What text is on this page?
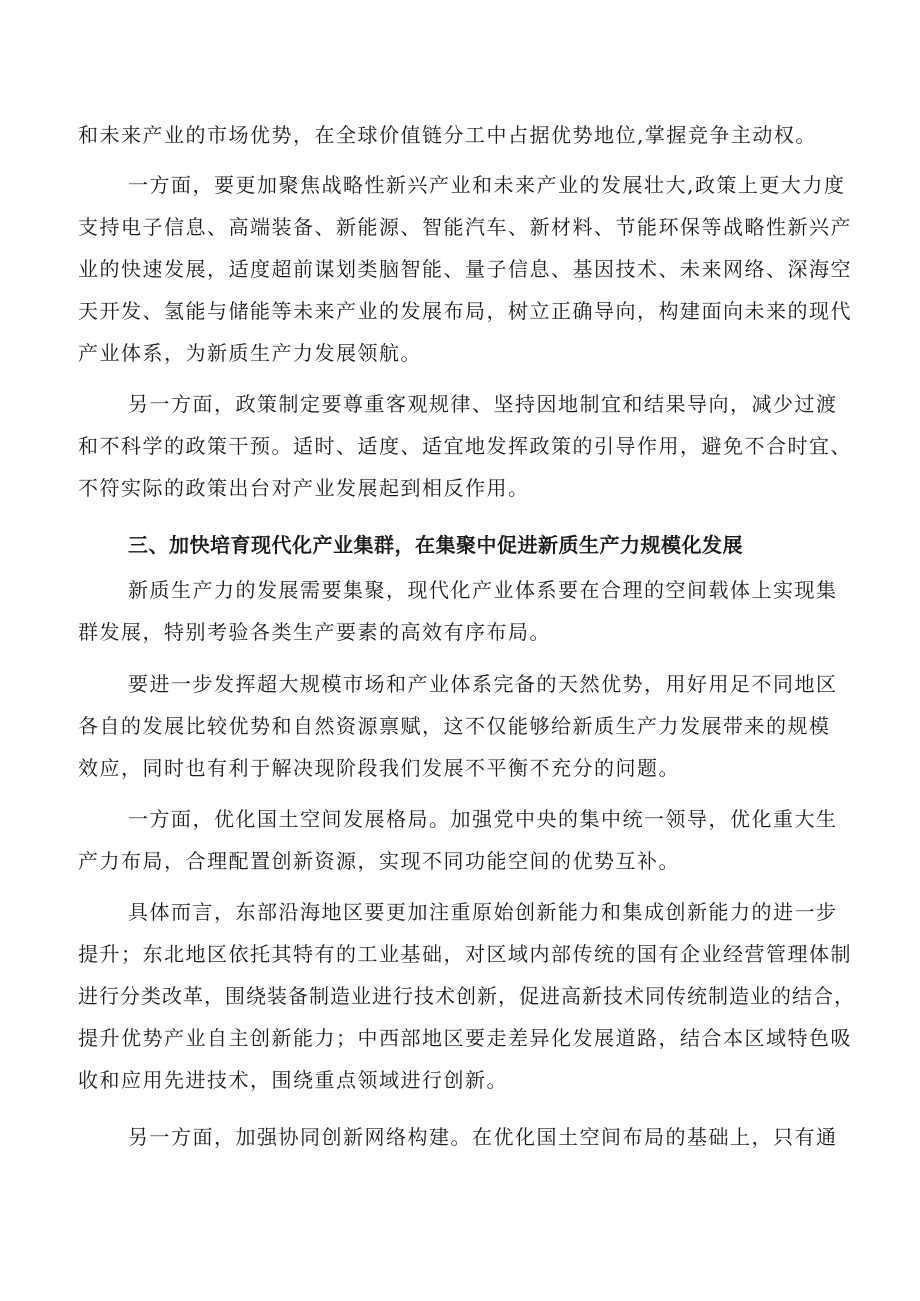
和未来产业的市场优势，在全球价值链分工中占据优势地位,掌握竞争主动权。
一方面，要更加聚焦战略性新兴产业和未来产业的发展壮大,政策上更大力度
支持电子信息、高端装备、新能源、智能汽车、新材料、节能环保等战略性新兴产
业的快速发展，适度超前谋划类脑智能、量子信息、基因技术、未来网络、深海空
天开发、氢能与储能等未来产业的发展布局，树立正确导向，构建面向未来的现代
产业体系，为新质生产力发展领航。
另一方面，政策制定要尊重客观规律、坚持因地制宜和结果导向，减少过渡
和不科学的政策干预。适时、适度、适宜地发挥政策的引导作用，避免不合时宜、
不符实际的政策出台对产业发展起到相反作用。
三、加快培育现代化产业集群，在集聚中促进新质生产力规模化发展
新质生产力的发展需要集聚，现代化产业体系要在合理的空间载体上实现集
群发展，特别考验各类生产要素的高效有序布局。
要进一步发挥超大规模市场和产业体系完备的天然优势，用好用足不同地区
各自的发展比较优势和自然资源禀赋，这不仅能够给新质生产力发展带来的规模
效应，同时也有利于解决现阶段我们发展不平衡不充分的问题。
一方面，优化国土空间发展格局。加强党中央的集中统一领导，优化重大生
产力布局，合理配置创新资源，实现不同功能空间的优势互补。
具体而言，东部沿海地区要更加注重原始创新能力和集成创新能力的进一步
提升；东北地区依托其特有的工业基础，对区域内部传统的国有企业经营管理体制
进行分类改革，围绕装备制造业进行技术创新，促进高新技术同传统制造业的结合，
提升优势产业自主创新能力；中西部地区要走差异化发展道路，结合本区域特色吸
收和应用先进技术，围绕重点领域进行创新。
另一方面，加强协同创新网络构建。在优化国土空间布局的基础上，只有通
